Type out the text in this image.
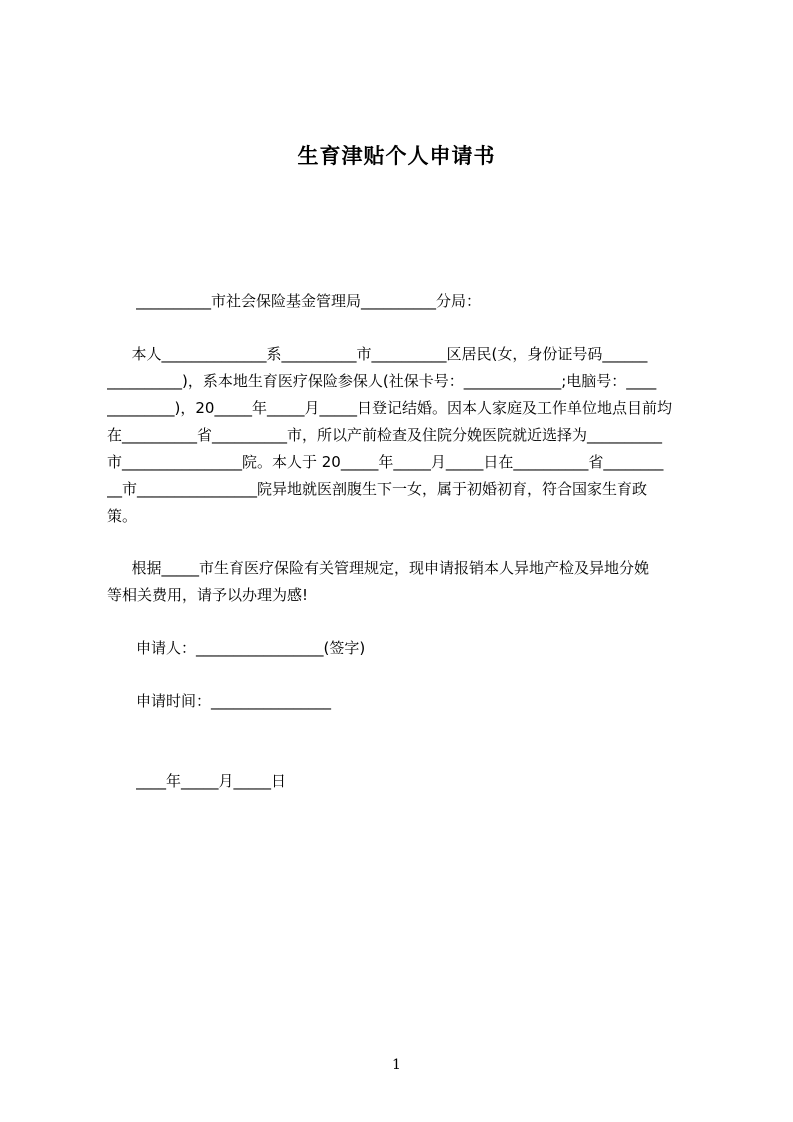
生育津贴个人申请书
__________市社会保险基金管理局__________分局：
本人______________系__________市__________区居民(女，身份证号码______
__________)，系本地生育医疗保险参保人(社保卡号：_____________;电脑号：____
_________)，20_____年_____月_____日登记结婚。因本人家庭及工作单位地点目前均
在__________省__________市，所以产前检查及住院分娩医院就近选择为__________
市________________院。本人于 20_____年_____月_____日在__________省________
__市________________院异地就医剖腹生下一女，属于初婚初育，符合国家生育政
策。
根据_____市生育医疗保险有关管理规定，现申请报销本人异地产检及异地分娩
等相关费用，请予以办理为感!
申请人：_________________(签字)
申请时间：________________
____年_____月_____日
1
